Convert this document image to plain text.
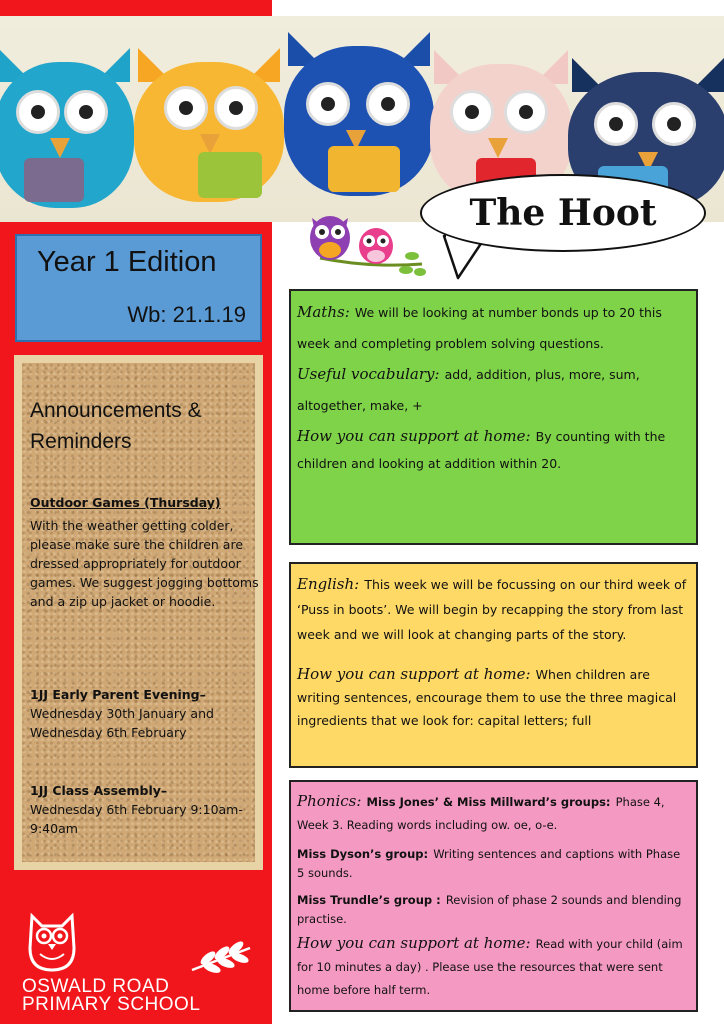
The Hoot
Year 1 Edition
Wb: 21.1.19
Announcements & Reminders
Outdoor Games (Thursday)
With the weather getting colder, please make sure the children are dressed appropriately for outdoor games. We suggest jogging bottoms and a zip up jacket or hoodie.
1JJ Early Parent Evening–
Wednesday 30th January and Wednesday 6th February
1JJ Class Assembly–
Wednesday 6th February 9:10am-9:40am
OSWALD ROAD
PRIMARY SCHOOL
Maths: We will be looking at number bonds up to 20 this week and completing problem solving questions.
Useful vocabulary: add, addition, plus, more, sum, altogether, make, +
How you can support at home: By counting with the children and looking at addition within 20.
English: This week we will be focussing on our third week of ‘Puss in boots’. We will begin by recapping the story from last week and we will look at changing parts of the story.
How you can support at home: When children are writing sentences, encourage them to use the three magical ingredients that we look for: capital letters; full
Phonics: Miss Jones’ & Miss Millward’s groups: Phase 4, Week 3. Reading words including ow. oe, o-e.
Miss Dyson’s group: Writing sentences and captions with Phase 5 sounds.
Miss Trundle’s group : Revision of phase 2 sounds and blending practise.
How you can support at home: Read with your child (aim for 10 minutes a day) . Please use the resources that were sent home before half term.
